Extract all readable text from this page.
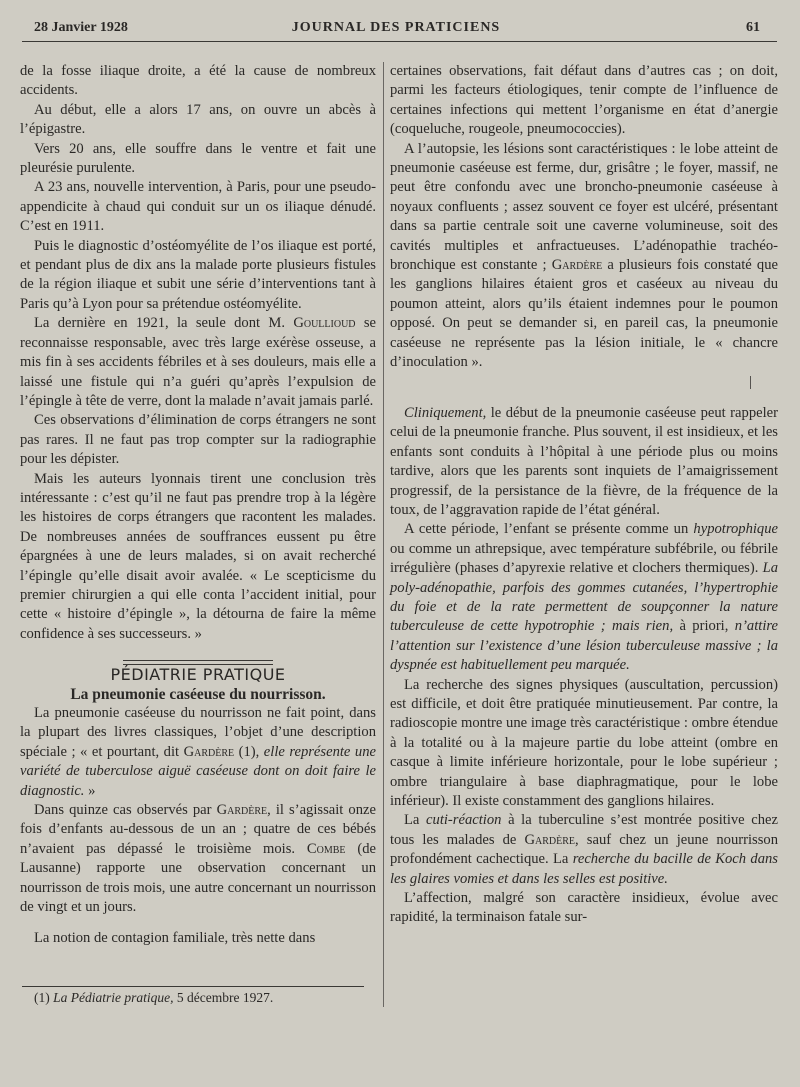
28 Janvier 1928	JOURNAL DES PRATICIENS	61

de la fosse iliaque droite, a été la cause de nombreux accidents.

Au début, elle a alors 17 ans, on ouvre un abcès à l’épigastre.

Vers 20 ans, elle souffre dans le ventre et fait une pleurésie purulente.

A 23 ans, nouvelle intervention, à Paris, pour une pseudo-appendicite à chaud qui conduit sur un os iliaque dénudé. C’est en 1911.

Puis le diagnostic d’ostéomyélite de l’os iliaque est porté, et pendant plus de dix ans la malade porte plusieurs fistules de la région iliaque et subit une série d’interventions tant à Paris qu’à Lyon pour sa prétendue ostéomyélite.

La dernière en 1921, la seule dont M. Goullioud se reconnaisse responsable, avec très large exérèse osseuse, a mis fin à ses accidents fébriles et à ses douleurs, mais elle a laissé une fistule qui n’a guéri qu’après l’expulsion de l’épingle à tête de verre, dont la malade n’avait jamais parlé.

Ces observations d’élimination de corps étrangers ne sont pas rares. Il ne faut pas trop compter sur la radiographie pour les dépister.

Mais les auteurs lyonnais tirent une conclusion très intéressante : c’est qu’il ne faut pas prendre trop à la légère les histoires de corps étrangers que racontent les malades. De nombreuses années de souffrances eussent pu être épargnées à une de leurs malades, si on avait recherché l’épingle qu’elle disait avoir avalée. « Le scepticisme du premier chirurgien a qui elle conta l’accident initial, pour cette « histoire d’épingle », la détourna de faire la même confidence à ses successeurs. »

PÉDIATRIE PRATIQUE

La pneumonie caséeuse du nourrisson.

La pneumonie caséeuse du nourrisson ne fait point, dans la plupart des livres classiques, l’objet d’une description spéciale ; « et pourtant, dit Gardère (1), elle représente une variété de tuberculose aiguë caséeuse dont on doit faire le diagnostic. »

Dans quinze cas observés par Gardère, il s’agissait onze fois d’enfants au-dessous de un an ; quatre de ces bébés n’avaient pas dépassé le troisième mois. Combe (de Lausanne) rapporte une observation concernant un nourrisson de trois mois, une autre concernant un nourrisson de vingt et un jours.

La notion de contagion familiale, très nette dans

(1) La Pédiatrie pratique, 5 décembre 1927.

certaines observations, fait défaut dans d’autres cas ; on doit, parmi les facteurs étiologiques, tenir compte de l’influence de certaines infections qui mettent l’organisme en état d’anergie (coqueluche, rougeole, pneumococcies).

A l’autopsie, les lésions sont caractéristiques : le lobe atteint de pneumonie caséeuse est ferme, dur, grisâtre ; le foyer, massif, ne peut être confondu avec une broncho-pneumonie caséeuse à noyaux confluents ; assez souvent ce foyer est ulcéré, présentant dans sa partie centrale soit une caverne volumineuse, soit des cavités multiples et anfractueuses. L’adénopathie trachéo-bronchique est constante ; Gardère a plusieurs fois constaté que les ganglions hilaires étaient gros et caséeux au niveau du poumon atteint, alors qu’ils étaient indemnes pour le poumon opposé. On peut se demander si, en pareil cas, la pneumonie caséeuse ne représente pas la lésion initiale, le « chancre d’inoculation ».

|

Cliniquement, le début de la pneumonie caséeuse peut rappeler celui de la pneumonie franche. Plus souvent, il est insidieux, et les enfants sont conduits à l’hôpital à une période plus ou moins tardive, alors que les parents sont inquiets de l’amaigrissement progressif, de la persistance de la fièvre, de la fréquence de la toux, de l’aggravation rapide de l’état général.

A cette période, l’enfant se présente comme un hypotrophique ou comme un athrepsique, avec température subfébrile, ou fébrile irrégulière (phases d’apyrexie relative et clochers thermiques). La poly-adénopathie, parfois des gommes cutanées, l’hypertrophie du foie et de la rate permettent de soupçonner la nature tuberculeuse de cette hypotrophie ; mais rien, à priori, n’attire l’attention sur l’existence d’une lésion tuberculeuse massive ; la dyspnée est habituellement peu marquée.

La recherche des signes physiques (auscultation, percussion) est difficile, et doit être pratiquée minutieusement. Par contre, la radioscopie montre une image très caractéristique : ombre étendue à la totalité ou à la majeure partie du lobe atteint (ombre en casque à limite inférieure horizontale, pour le lobe supérieur ; ombre triangulaire à base diaphragmatique, pour le lobe inférieur). Il existe constamment des ganglions hilaires.

La cuti-réaction à la tuberculine s’est montrée positive chez tous les malades de Gardère, sauf chez un jeune nourrisson profondément cachectique. La recherche du bacille de Koch dans les glaires vomies et dans les selles est positive.

L’affection, malgré son caractère insidieux, évolue avec rapidité, la terminaison fatale sur-
